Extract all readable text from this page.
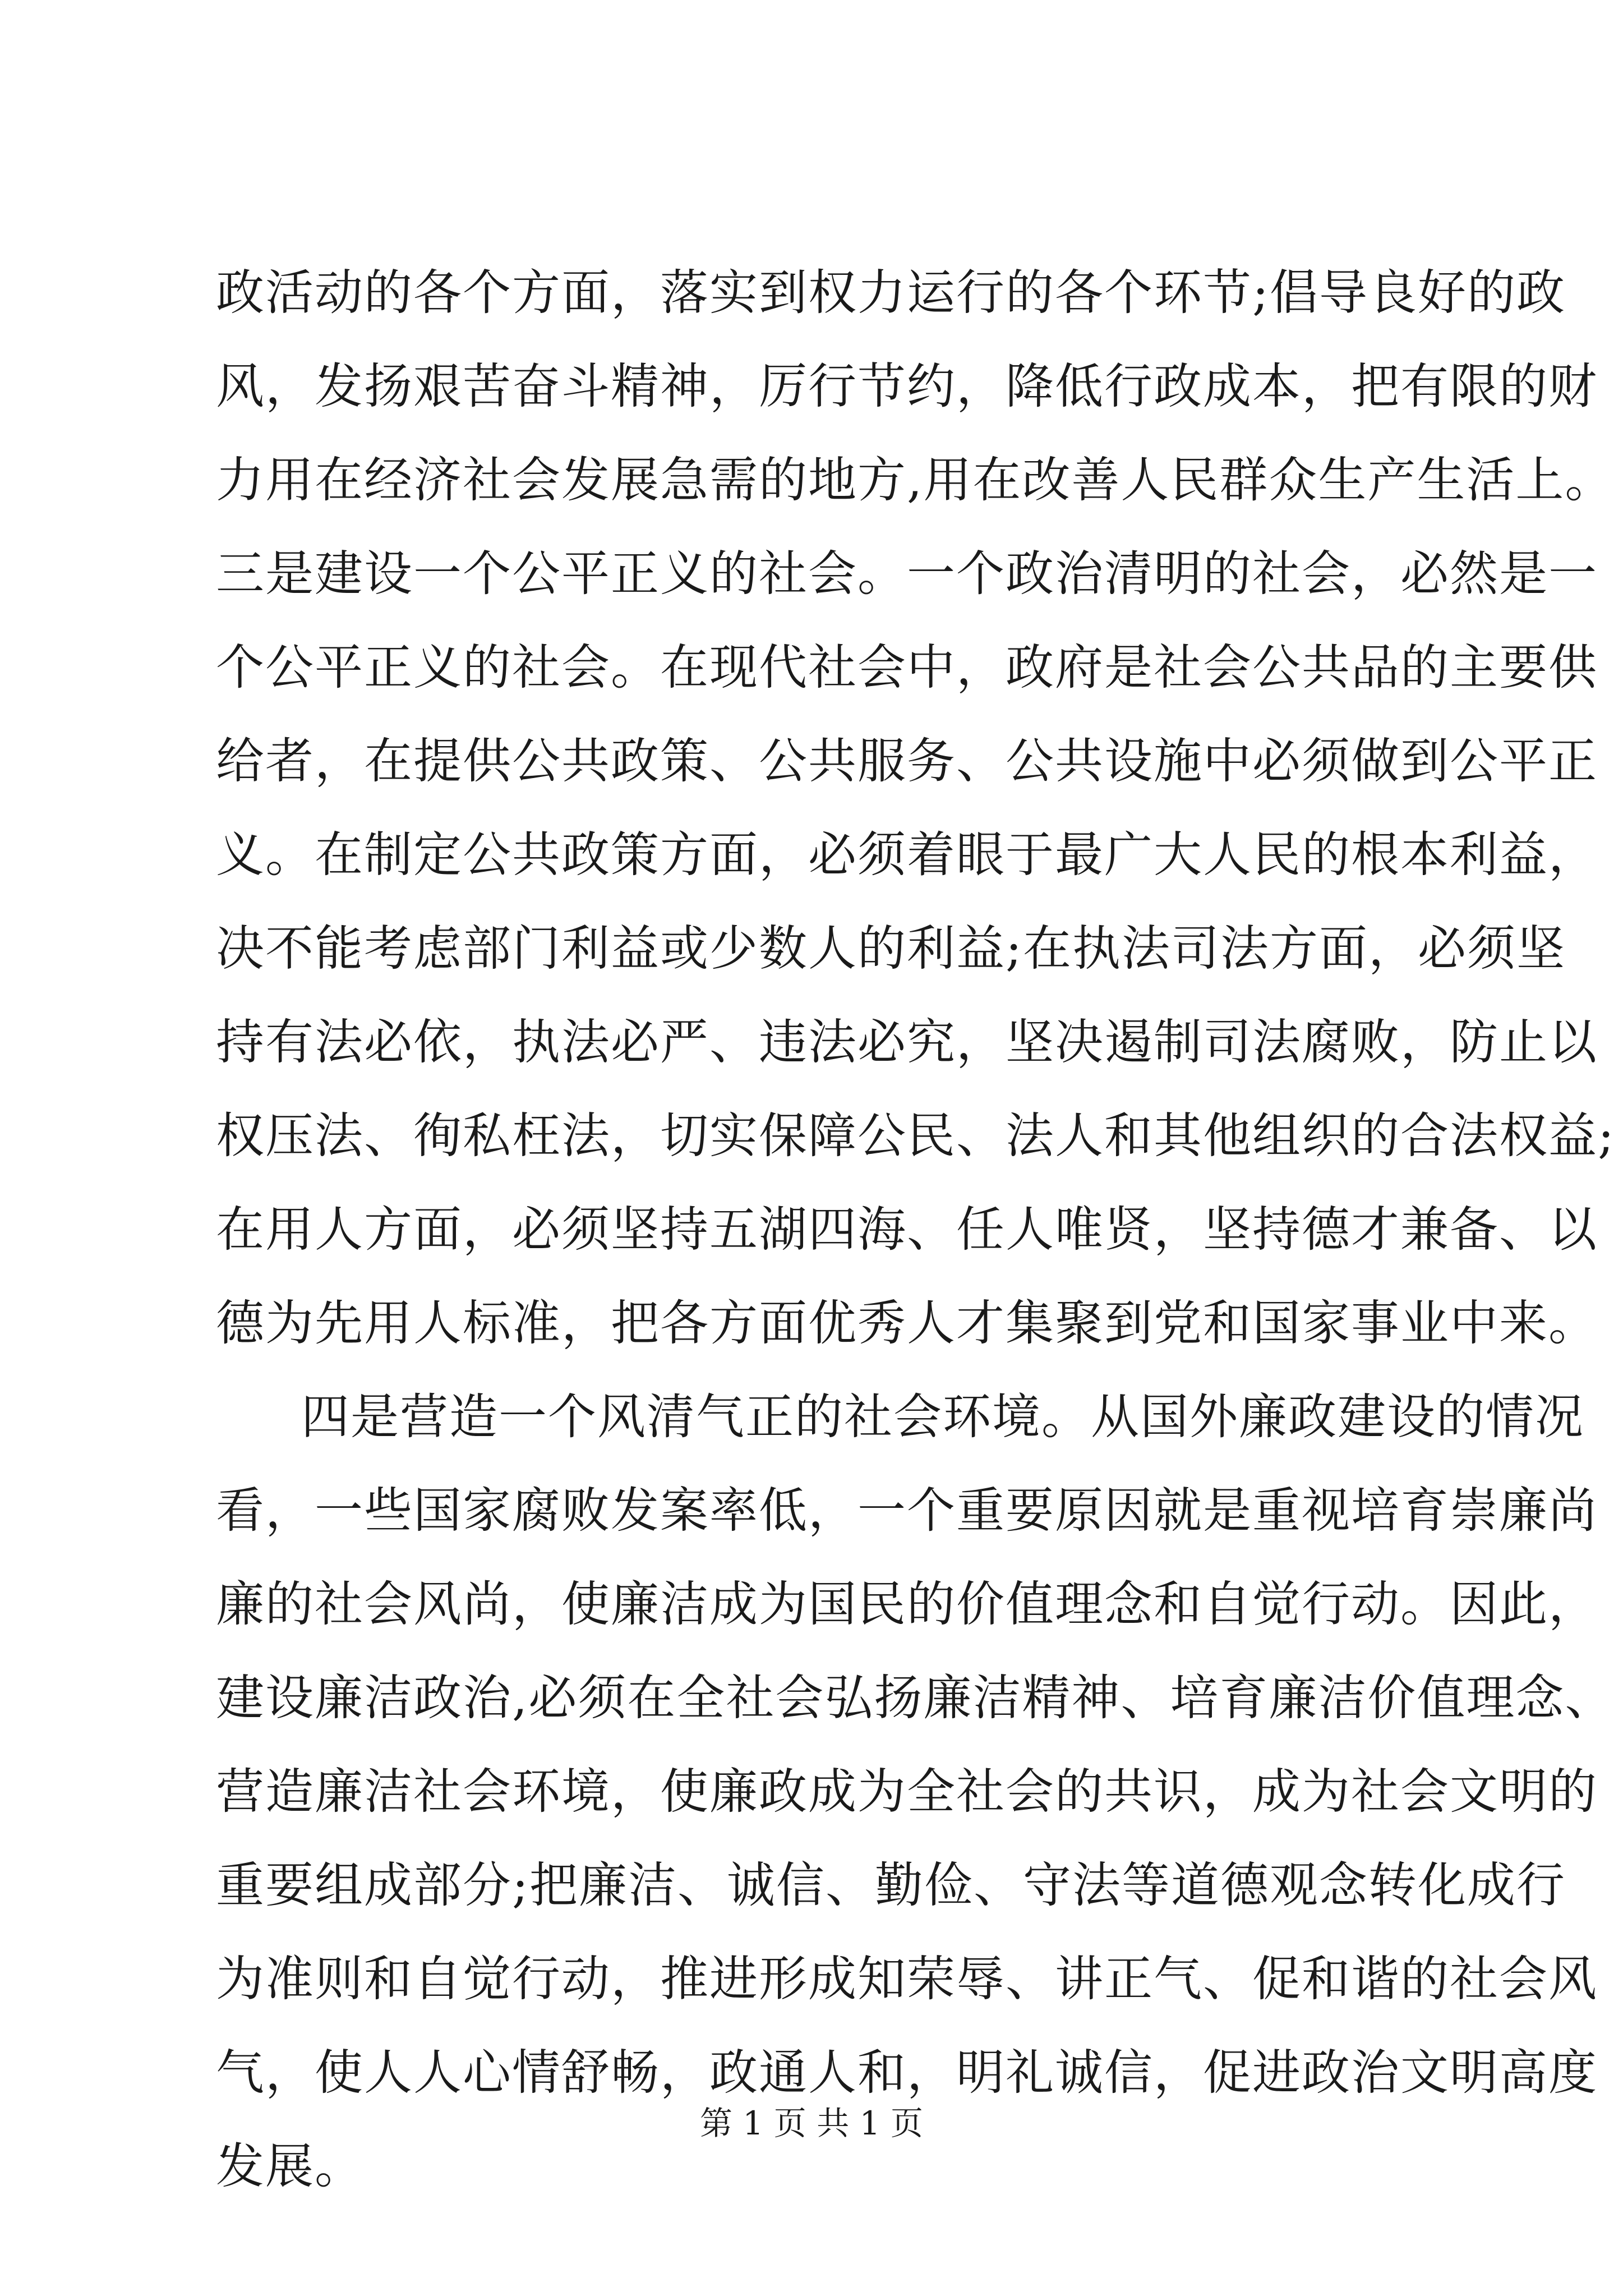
政活动的各个方面，落实到权力运行的各个环节;倡导良好的政
风，发扬艰苦奋斗精神，厉行节约，降低行政成本，把有限的财
力用在经济社会发展急需的地方,用在改善人民群众生产生活上。
三是建设一个公平正义的社会。一个政治清明的社会，必然是一
个公平正义的社会。在现代社会中，政府是社会公共品的主要供
给者，在提供公共政策、公共服务、公共设施中必须做到公平正
义。在制定公共政策方面，必须着眼于最广大人民的根本利益，
决不能考虑部门利益或少数人的利益;在执法司法方面，必须坚
持有法必依，执法必严、违法必究，坚决遏制司法腐败，防止以
权压法、徇私枉法，切实保障公民、法人和其他组织的合法权益;
在用人方面，必须坚持五湖四海、任人唯贤，坚持德才兼备、以
德为先用人标准，把各方面优秀人才集聚到党和国家事业中来。
四是营造一个风清气正的社会环境。从国外廉政建设的情况
看，一些国家腐败发案率低，一个重要原因就是重视培育崇廉尚
廉的社会风尚，使廉洁成为国民的价值理念和自觉行动。因此，
建设廉洁政治,必须在全社会弘扬廉洁精神、培育廉洁价值理念、
营造廉洁社会环境，使廉政成为全社会的共识，成为社会文明的
重要组成部分;把廉洁、诚信、勤俭、守法等道德观念转化成行
为准则和自觉行动，推进形成知荣辱、讲正气、促和谐的社会风
气，使人人心情舒畅，政通人和，明礼诚信，促进政治文明高度
发展。
第 1 页 共 1 页
